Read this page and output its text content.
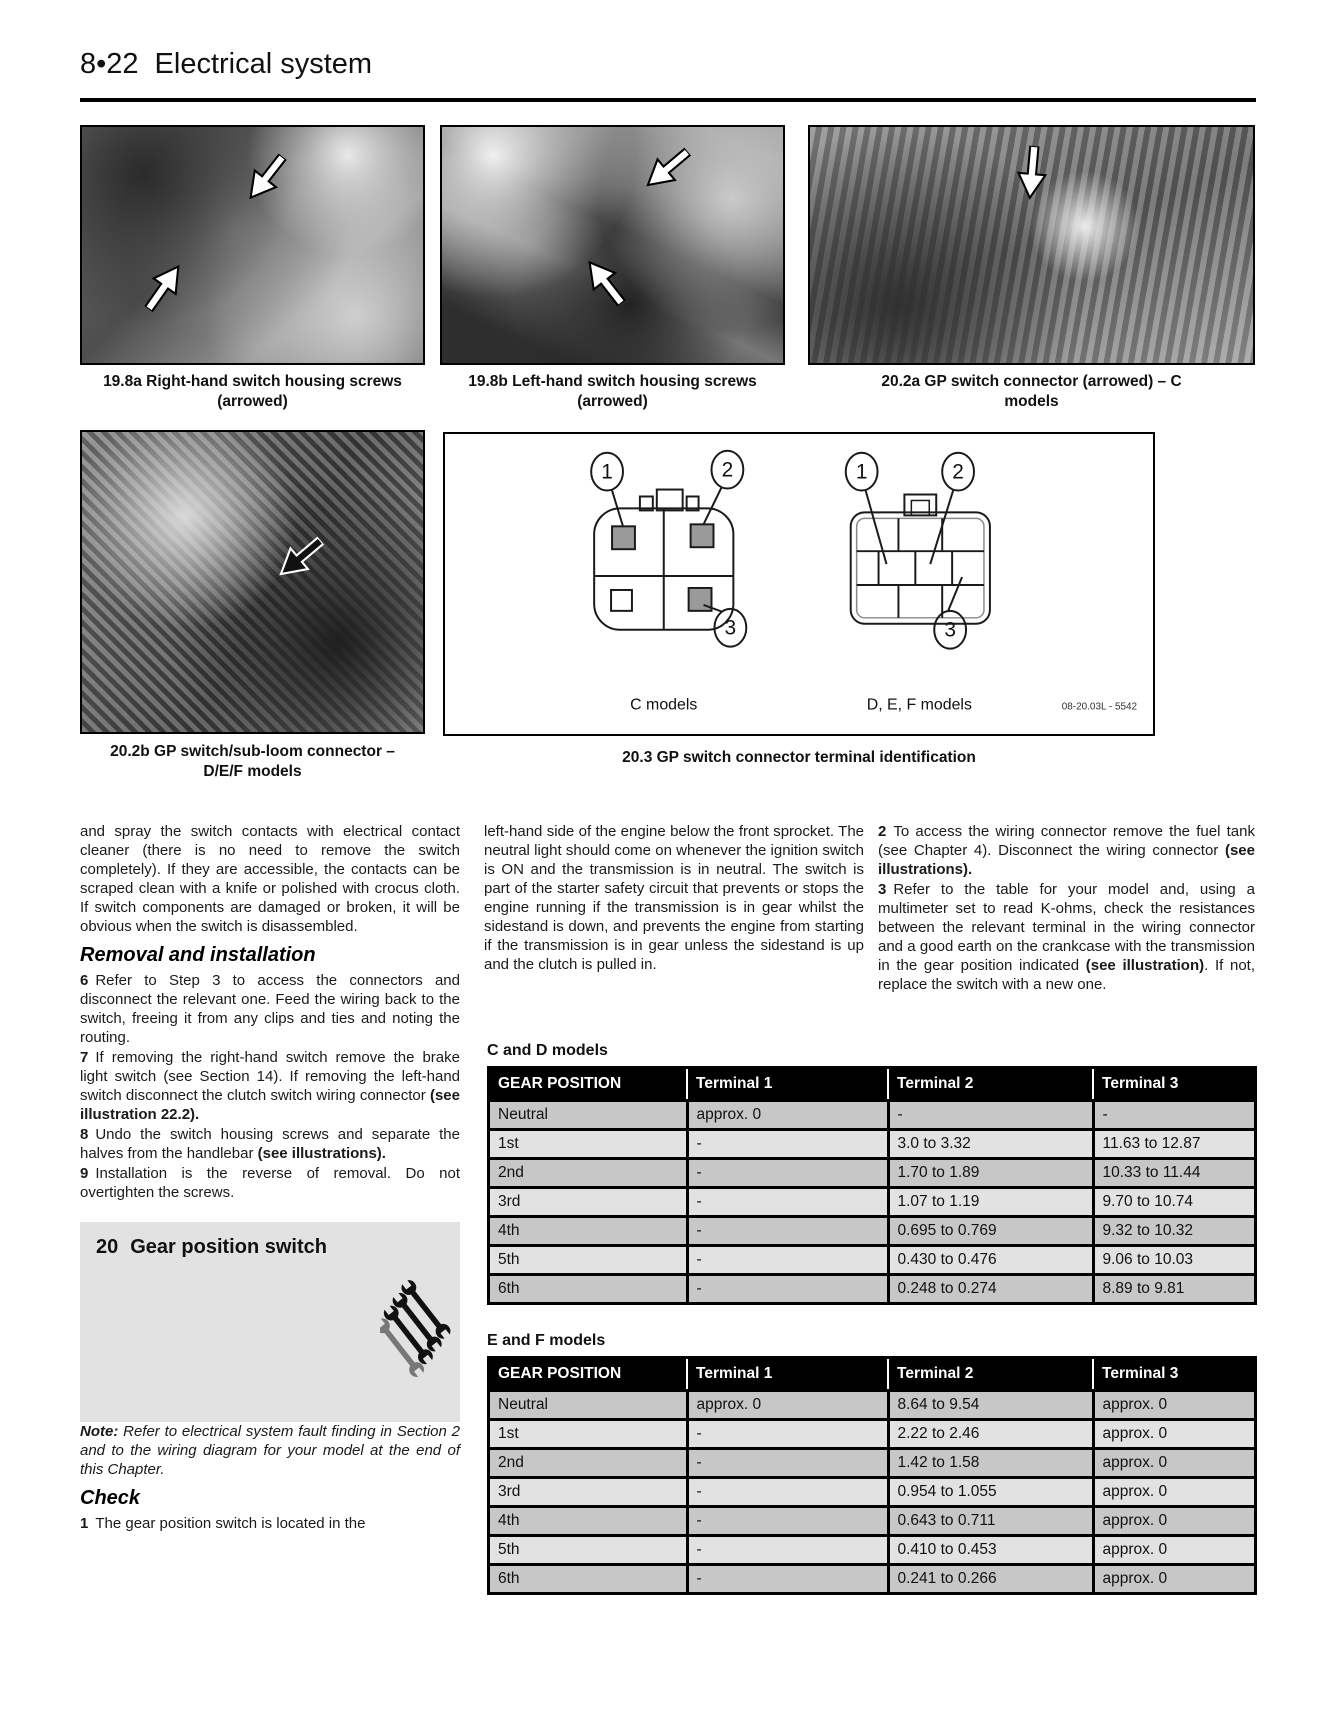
8•22 Electrical system
19.8a Right-hand switch housing screws (arrowed)
19.8b Left-hand switch housing screws (arrowed)
20.2a GP switch connector (arrowed) – C models
1	2
3
C models
1	2
3
D, E, F models	08-20.03L - 5542
20.2b GP switch/sub-loom connector – D/E/F models
20.3 GP switch connector terminal identification

and spray the switch contacts with electrical contact cleaner (there is no need to remove the switch completely). If they are accessible, the contacts can be scraped clean with a knife or polished with crocus cloth. If switch components are damaged or broken, it will be obvious when the switch is disassembled.

Removal and installation

6 Refer to Step 3 to access the connectors and disconnect the relevant one. Feed the wiring back to the switch, freeing it from any clips and ties and noting the routing.

7 If removing the right-hand switch remove the brake light switch (see Section 14). If removing the left-hand switch disconnect the clutch switch wiring connector (see illustration 22.2).

8 Undo the switch housing screws and separate the halves from the handlebar (see illustrations).

9 Installation is the reverse of removal. Do not overtighten the screws.

20 Gear position switch

Note: Refer to electrical system fault finding in Section 2 and to the wiring diagram for your model at the end of this Chapter.

Check

1 The gear position switch is located in the

left-hand side of the engine below the front sprocket. The neutral light should come on whenever the ignition switch is ON and the transmission is in neutral. The switch is part of the starter safety circuit that prevents or stops the engine running if the transmission is in gear whilst the sidestand is down, and prevents the engine from starting if the transmission is in gear unless the sidestand is up and the clutch is pulled in.

2 To access the wiring connector remove the fuel tank (see Chapter 4). Disconnect the wiring connector (see illustrations).

3 Refer to the table for your model and, using a multimeter set to read K-ohms, check the resistances between the relevant terminal in the wiring connector and a good earth on the crankcase with the transmission in the gear position indicated (see illustration). If not, replace the switch with a new one.

C and D models
GEAR POSITION	Terminal 1	Terminal 2	Terminal 3
Neutral	approx. 0	-	-
1st	-	3.0 to 3.32	11.63 to 12.87
2nd	-	1.70 to 1.89	10.33 to 11.44
3rd	-	1.07 to 1.19	9.70 to 10.74
4th	-	0.695 to 0.769	9.32 to 10.32
5th	-	0.430 to 0.476	9.06 to 10.03
6th	-	0.248 to 0.274	8.89 to 9.81
E and F models
GEAR POSITION	Terminal 1	Terminal 2	Terminal 3
Neutral	approx. 0	8.64 to 9.54	approx. 0
1st	-	2.22 to 2.46	approx. 0
2nd	-	1.42 to 1.58	approx. 0
3rd	-	0.954 to 1.055	approx. 0
4th	-	0.643 to 0.711	approx. 0
5th	-	0.410 to 0.453	approx. 0
6th	-	0.241 to 0.266	approx. 0
